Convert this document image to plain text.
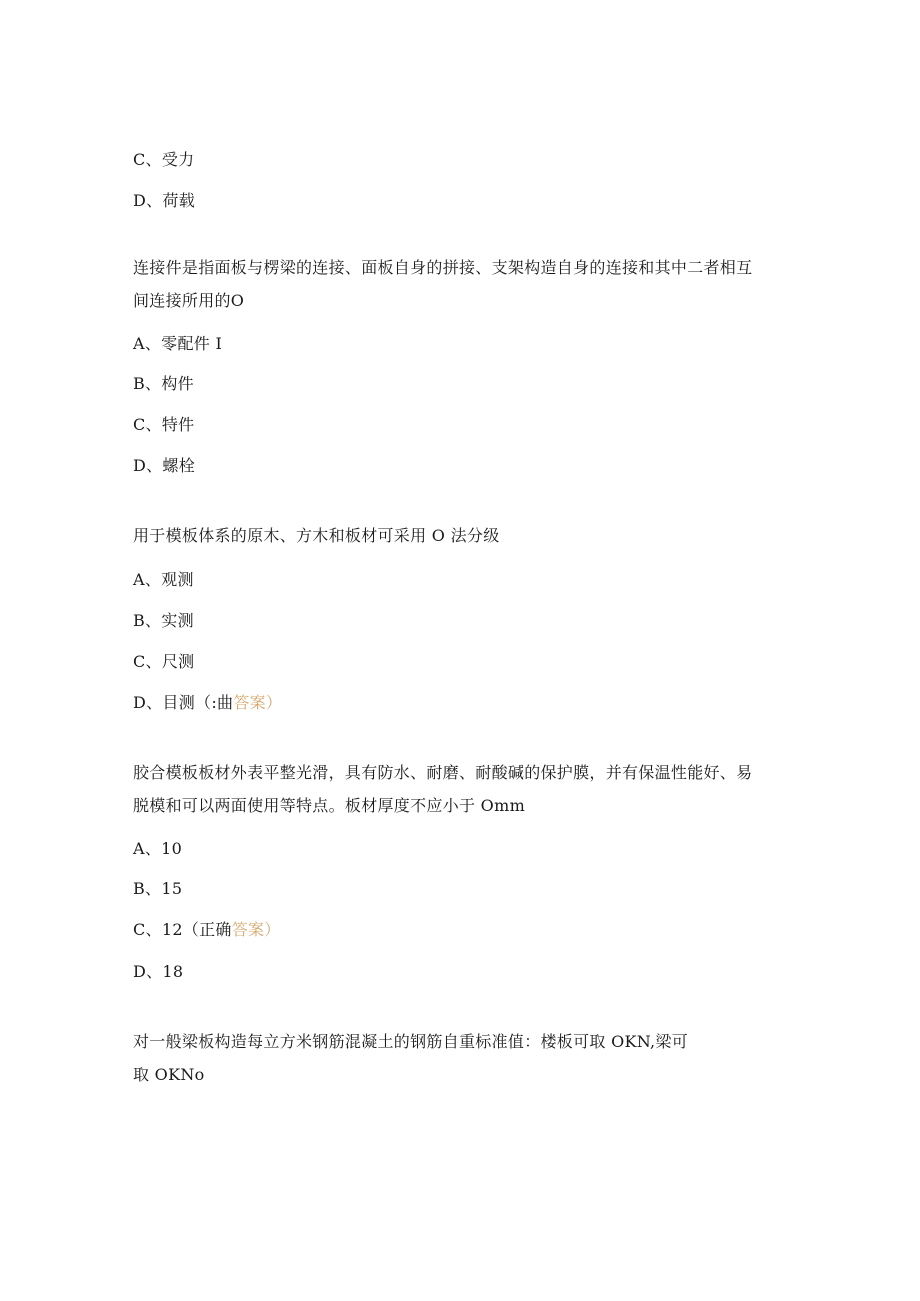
C、受力
D、荷载
连接件是指面板与楞梁的连接、面板自身的拼接、支架构造自身的连接和其中二者相互
间连接所用的O
A、零配件 I
B、构件
C、特件
D、螺栓
用于模板体系的原木、方木和板材可采用 O 法分级
A、观测
B、实测
C、尺测
D、目测（:曲答案）
胶合模板板材外表平整光滑，具有防水、耐磨、耐酸碱的保护膜，并有保温性能好、易
脱模和可以两面使用等特点。板材厚度不应小于 Omm
A、10
B、15
C、12（正确答案）
D、18
对一般梁板构造每立方米钢筋混凝土的钢筋自重标准值：楼板可取 OKN,梁可
取 OKNo
